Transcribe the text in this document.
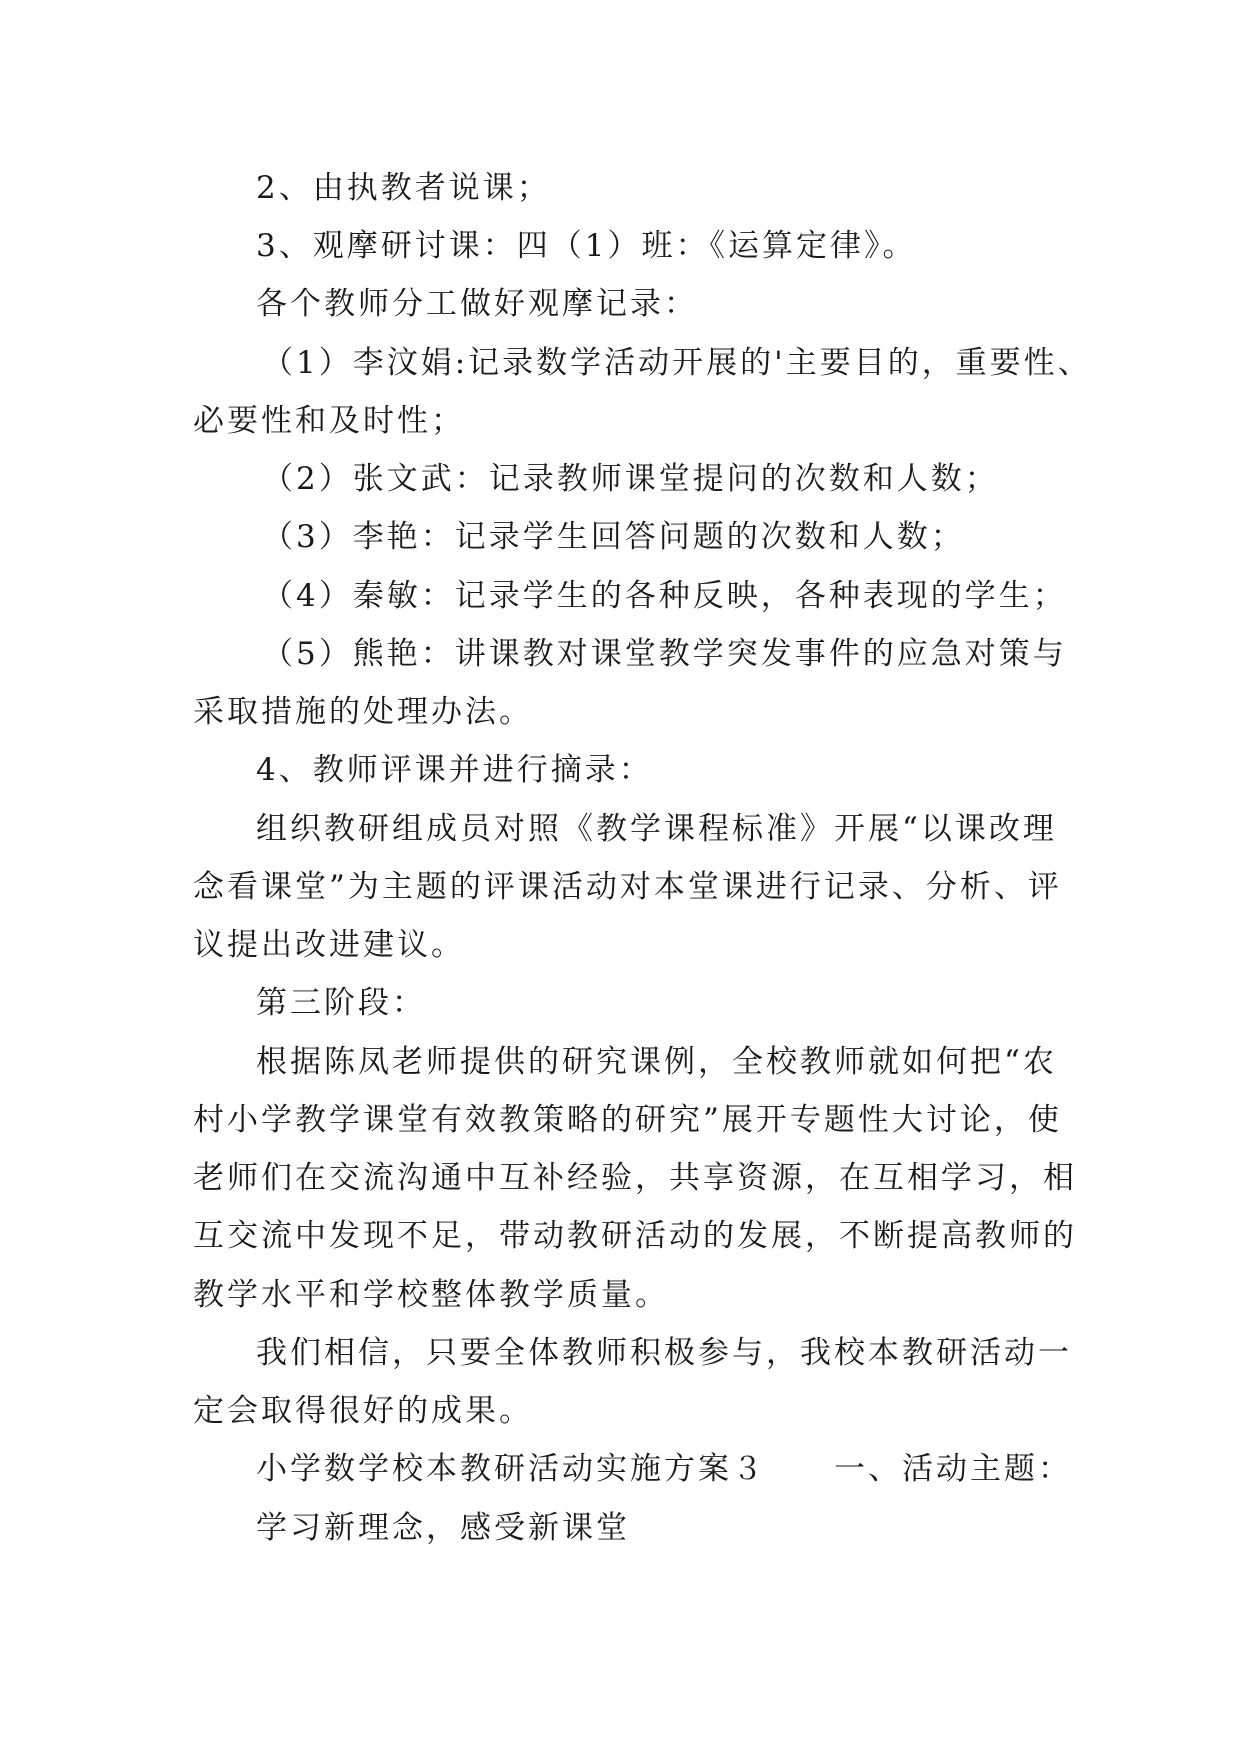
2、由执教者说课；
3、观摩研讨课：四（1）班：《运算定律》。
各个教师分工做好观摩记录：
（1）李汶娟:记录数学活动开展的'主要目的，重要性、
必要性和及时性；
（2）张文武：记录教师课堂提问的次数和人数；
（3）李艳：记录学生回答问题的次数和人数；
（4）秦敏：记录学生的各种反映，各种表现的学生；
（5）熊艳：讲课教对课堂教学突发事件的应急对策与
采取措施的处理办法。
4、教师评课并进行摘录：
组织教研组成员对照《教学课程标准》开展“以课改理
念看课堂”为主题的评课活动对本堂课进行记录、分析、评
议提出改进建议。
第三阶段：
根据陈凤老师提供的研究课例，全校教师就如何把“农
村小学教学课堂有效教策略的研究”展开专题性大讨论，使
老师们在交流沟通中互补经验，共享资源，在互相学习，相
互交流中发现不足，带动教研活动的发展，不断提高教师的
教学水平和学校整体教学质量。
我们相信，只要全体教师积极参与，我校本教研活动一
定会取得很好的成果。
小学数学校本教研活动实施方案３　　一、活动主题：
学习新理念，感受新课堂
